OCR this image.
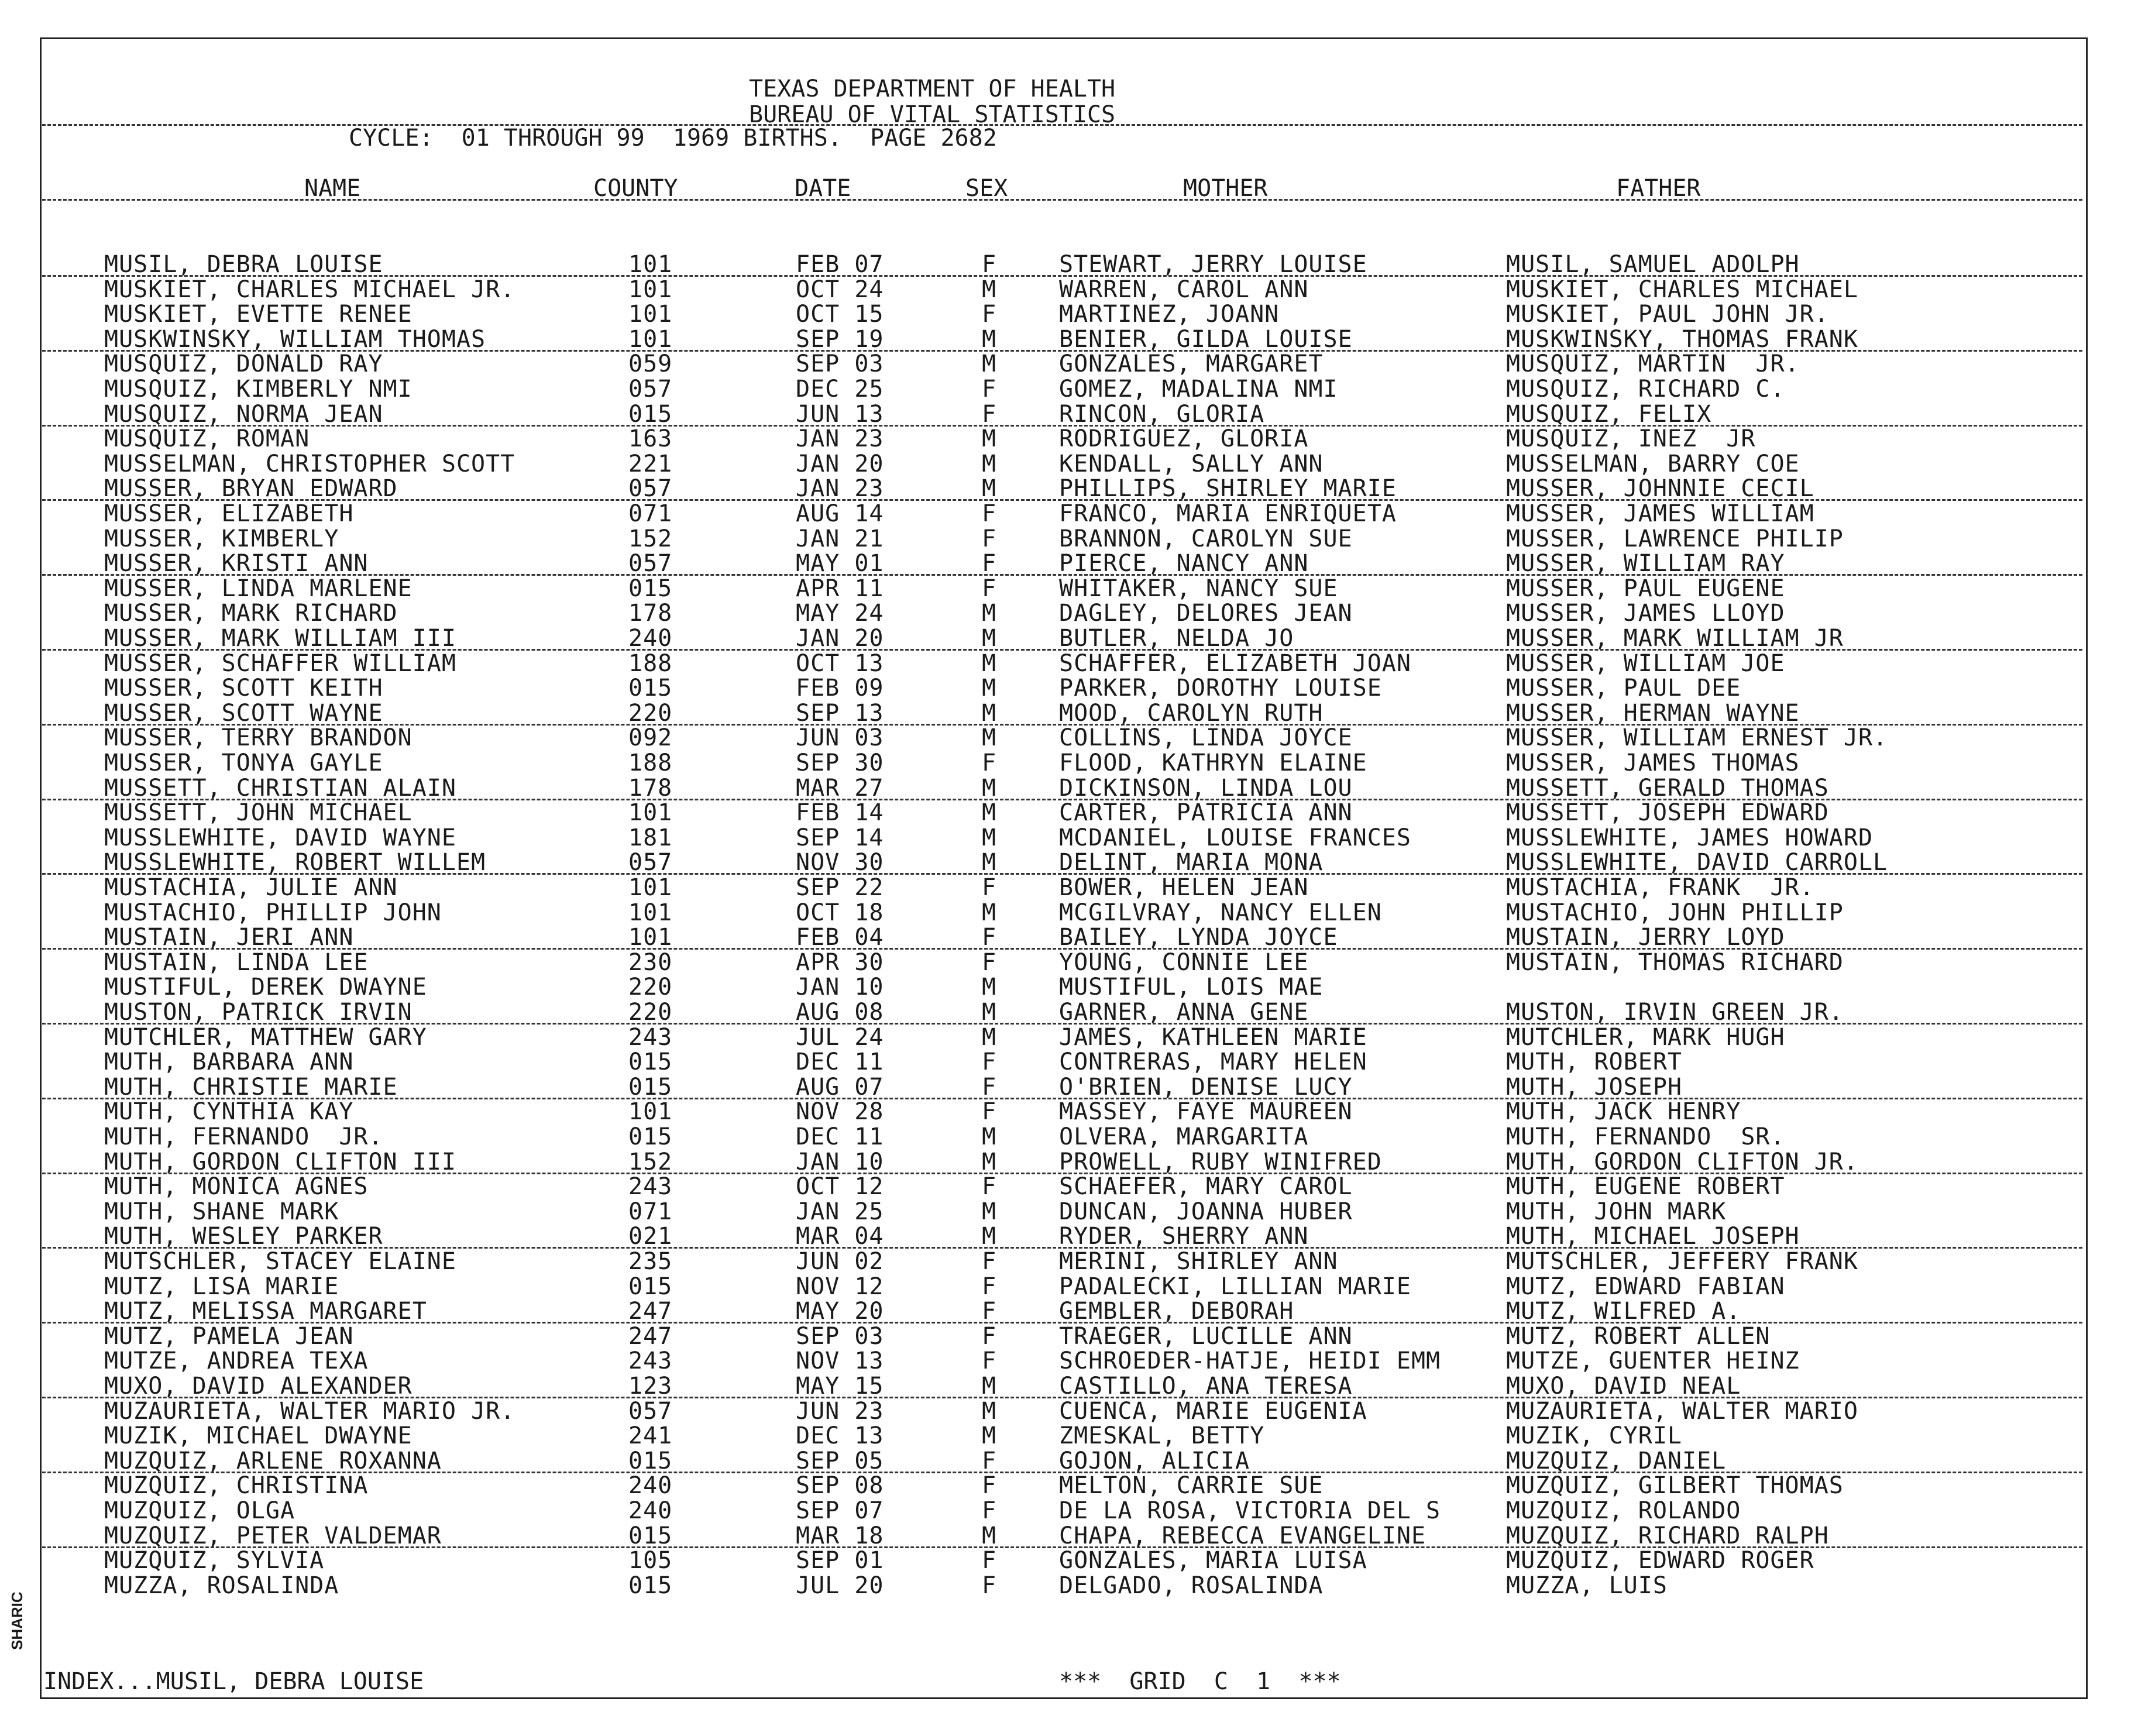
TEXAS DEPARTMENT OF HEALTH
BUREAU OF VITAL STATISTICS
CYCLE:  01 THROUGH 99  1969 BIRTHS.  PAGE 2682
NAME	COUNTY	DATE	SEX	MOTHER	FATHER
MUSIL, DEBRA LOUISE	101	FEB 07	F	STEWART, JERRY LOUISE	MUSIL, SAMUEL ADOLPH
MUSKIET, CHARLES MICHAEL JR.	101	OCT 24	M	WARREN, CAROL ANN	MUSKIET, CHARLES MICHAEL
MUSKIET, EVETTE RENEE	101	OCT 15	F	MARTINEZ, JOANN	MUSKIET, PAUL JOHN JR.
MUSKWINSKY, WILLIAM THOMAS	101	SEP 19	M	BENIER, GILDA LOUISE	MUSKWINSKY, THOMAS FRANK
MUSQUIZ, DONALD RAY	059	SEP 03	M	GONZALES, MARGARET	MUSQUIZ, MARTIN  JR.
MUSQUIZ, KIMBERLY NMI	057	DEC 25	F	GOMEZ, MADALINA NMI	MUSQUIZ, RICHARD C.
MUSQUIZ, NORMA JEAN	015	JUN 13	F	RINCON, GLORIA	MUSQUIZ, FELIX
MUSQUIZ, ROMAN	163	JAN 23	M	RODRIGUEZ, GLORIA	MUSQUIZ, INEZ  JR
MUSSELMAN, CHRISTOPHER SCOTT	221	JAN 20	M	KENDALL, SALLY ANN	MUSSELMAN, BARRY COE
MUSSER, BRYAN EDWARD	057	JAN 23	M	PHILLIPS, SHIRLEY MARIE	MUSSER, JOHNNIE CECIL
MUSSER, ELIZABETH	071	AUG 14	F	FRANCO, MARIA ENRIQUETA	MUSSER, JAMES WILLIAM
MUSSER, KIMBERLY	152	JAN 21	F	BRANNON, CAROLYN SUE	MUSSER, LAWRENCE PHILIP
MUSSER, KRISTI ANN	057	MAY 01	F	PIERCE, NANCY ANN	MUSSER, WILLIAM RAY
MUSSER, LINDA MARLENE	015	APR 11	F	WHITAKER, NANCY SUE	MUSSER, PAUL EUGENE
MUSSER, MARK RICHARD	178	MAY 24	M	DAGLEY, DELORES JEAN	MUSSER, JAMES LLOYD
MUSSER, MARK WILLIAM III	240	JAN 20	M	BUTLER, NELDA JO	MUSSER, MARK WILLIAM JR
MUSSER, SCHAFFER WILLIAM	188	OCT 13	M	SCHAFFER, ELIZABETH JOAN	MUSSER, WILLIAM JOE
MUSSER, SCOTT KEITH	015	FEB 09	M	PARKER, DOROTHY LOUISE	MUSSER, PAUL DEE
MUSSER, SCOTT WAYNE	220	SEP 13	M	MOOD, CAROLYN RUTH	MUSSER, HERMAN WAYNE
MUSSER, TERRY BRANDON	092	JUN 03	M	COLLINS, LINDA JOYCE	MUSSER, WILLIAM ERNEST JR.
MUSSER, TONYA GAYLE	188	SEP 30	F	FLOOD, KATHRYN ELAINE	MUSSER, JAMES THOMAS
MUSSETT, CHRISTIAN ALAIN	178	MAR 27	M	DICKINSON, LINDA LOU	MUSSETT, GERALD THOMAS
MUSSETT, JOHN MICHAEL	101	FEB 14	M	CARTER, PATRICIA ANN	MUSSETT, JOSEPH EDWARD
MUSSLEWHITE, DAVID WAYNE	181	SEP 14	M	MCDANIEL, LOUISE FRANCES	MUSSLEWHITE, JAMES HOWARD
MUSSLEWHITE, ROBERT WILLEM	057	NOV 30	M	DELINT, MARIA MONA	MUSSLEWHITE, DAVID CARROLL
MUSTACHIA, JULIE ANN	101	SEP 22	F	BOWER, HELEN JEAN	MUSTACHIA, FRANK  JR.
MUSTACHIO, PHILLIP JOHN	101	OCT 18	M	MCGILVRAY, NANCY ELLEN	MUSTACHIO, JOHN PHILLIP
MUSTAIN, JERI ANN	101	FEB 04	F	BAILEY, LYNDA JOYCE	MUSTAIN, JERRY LOYD
MUSTAIN, LINDA LEE	230	APR 30	F	YOUNG, CONNIE LEE	MUSTAIN, THOMAS RICHARD
MUSTIFUL, DEREK DWAYNE	220	JAN 10	M	MUSTIFUL, LOIS MAE
MUSTON, PATRICK IRVIN	220	AUG 08	M	GARNER, ANNA GENE	MUSTON, IRVIN GREEN JR.
MUTCHLER, MATTHEW GARY	243	JUL 24	M	JAMES, KATHLEEN MARIE	MUTCHLER, MARK HUGH
MUTH, BARBARA ANN	015	DEC 11	F	CONTRERAS, MARY HELEN	MUTH, ROBERT
MUTH, CHRISTIE MARIE	015	AUG 07	F	O'BRIEN, DENISE LUCY	MUTH, JOSEPH
MUTH, CYNTHIA KAY	101	NOV 28	F	MASSEY, FAYE MAUREEN	MUTH, JACK HENRY
MUTH, FERNANDO  JR.	015	DEC 11	M	OLVERA, MARGARITA	MUTH, FERNANDO  SR.
MUTH, GORDON CLIFTON III	152	JAN 10	M	PROWELL, RUBY WINIFRED	MUTH, GORDON CLIFTON JR.
MUTH, MONICA AGNES	243	OCT 12	F	SCHAEFER, MARY CAROL	MUTH, EUGENE ROBERT
MUTH, SHANE MARK	071	JAN 25	M	DUNCAN, JOANNA HUBER	MUTH, JOHN MARK
MUTH, WESLEY PARKER	021	MAR 04	M	RYDER, SHERRY ANN	MUTH, MICHAEL JOSEPH
MUTSCHLER, STACEY ELAINE	235	JUN 02	F	MERINI, SHIRLEY ANN	MUTSCHLER, JEFFERY FRANK
MUTZ, LISA MARIE	015	NOV 12	F	PADALECKI, LILLIAN MARIE	MUTZ, EDWARD FABIAN
MUTZ, MELISSA MARGARET	247	MAY 20	F	GEMBLER, DEBORAH	MUTZ, WILFRED A.
MUTZ, PAMELA JEAN	247	SEP 03	F	TRAEGER, LUCILLE ANN	MUTZ, ROBERT ALLEN
MUTZE, ANDREA TEXA	243	NOV 13	F	SCHROEDER-HATJE, HEIDI EMM	MUTZE, GUENTER HEINZ
MUXO, DAVID ALEXANDER	123	MAY 15	M	CASTILLO, ANA TERESA	MUXO, DAVID NEAL
MUZAURIETA, WALTER MARIO JR.	057	JUN 23	M	CUENCA, MARIE EUGENIA	MUZAURIETA, WALTER MARIO
MUZIK, MICHAEL DWAYNE	241	DEC 13	M	ZMESKAL, BETTY	MUZIK, CYRIL
MUZQUIZ, ARLENE ROXANNA	015	SEP 05	F	GOJON, ALICIA	MUZQUIZ, DANIEL
MUZQUIZ, CHRISTINA	240	SEP 08	F	MELTON, CARRIE SUE	MUZQUIZ, GILBERT THOMAS
MUZQUIZ, OLGA	240	SEP 07	F	DE LA ROSA, VICTORIA DEL S	MUZQUIZ, ROLANDO
MUZQUIZ, PETER VALDEMAR	015	MAR 18	M	CHAPA, REBECCA EVANGELINE	MUZQUIZ, RICHARD RALPH
MUZQUIZ, SYLVIA	105	SEP 01	F	GONZALES, MARIA LUISA	MUZQUIZ, EDWARD ROGER
MUZZA, ROSALINDA	015	JUL 20	F	DELGADO, ROSALINDA	MUZZA, LUIS
INDEX...MUSIL, DEBRA LOUISE	***  GRID  C  1  ***
SHARIC
